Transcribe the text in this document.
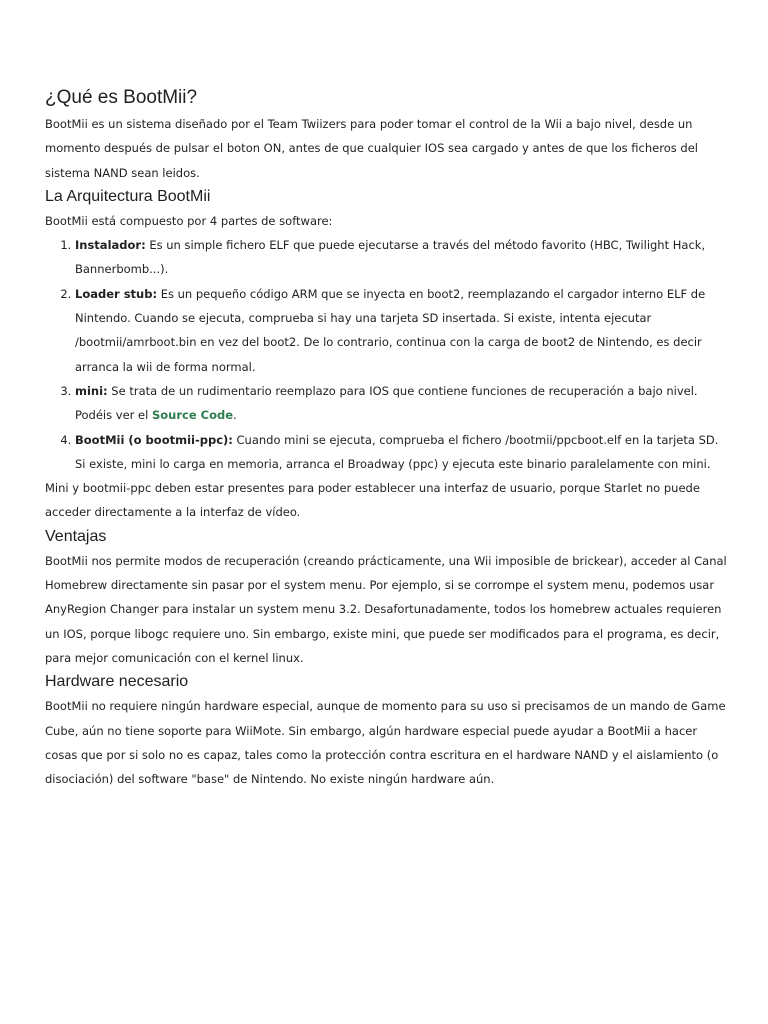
¿Qué es BootMii?

BootMii es un sistema diseñado por el Team Twiizers para poder tomar el control de la Wii a bajo nivel, desde un momento después de pulsar el boton ON, antes de que cualquier IOS sea cargado y antes de que los ficheros del sistema NAND sean leidos.

La Arquitectura BootMii

BootMii está compuesto por 4 partes de software:

1. Instalador: Es un simple fichero ELF que puede ejecutarse a través del método favorito (HBC, Twilight Hack, Bannerbomb...).
2. Loader stub: Es un pequeño código ARM que se inyecta en boot2, reemplazando el cargador interno ELF de Nintendo. Cuando se ejecuta, comprueba si hay una tarjeta SD insertada. Si existe, intenta ejecutar /bootmii/amrboot.bin en vez del boot2. De lo contrario, continua con la carga de boot2 de Nintendo, es decir arranca la wii de forma normal.
3. mini: Se trata de un rudimentario reemplazo para IOS que contiene funciones de recuperación a bajo nivel. Podéis ver el Source Code.
4. BootMii (o bootmii-ppc): Cuando mini se ejecuta, comprueba el fichero /bootmii/ppcboot.elf en la tarjeta SD. Si existe, mini lo carga en memoria, arranca el Broadway (ppc) y ejecuta este binario paralelamente con mini.

Mini y bootmii-ppc deben estar presentes para poder establecer una interfaz de usuario, porque Starlet no puede acceder directamente a la interfaz de vídeo.

Ventajas

BootMii nos permite modos de recuperación (creando prácticamente, una Wii imposible de brickear), acceder al Canal Homebrew directamente sin pasar por el system menu. Por ejemplo, si se corrompe el system menu, podemos usar AnyRegion Changer para instalar un system menu 3.2. Desafortunadamente, todos los homebrew actuales requieren un IOS, porque libogc requiere uno. Sin embargo, existe mini, que puede ser modificados para el programa, es decir, para mejor comunicación con el kernel linux.

Hardware necesario

BootMii no requiere ningún hardware especial, aunque de momento para su uso si precisamos de un mando de Game Cube, aún no tiene soporte para WiiMote. Sin embargo, algún hardware especial puede ayudar a BootMii a hacer cosas que por si solo no es capaz, tales como la protección contra escritura en el hardware NAND y el aislamiento (o disociación) del software "base" de Nintendo. No existe ningún hardware aún.
